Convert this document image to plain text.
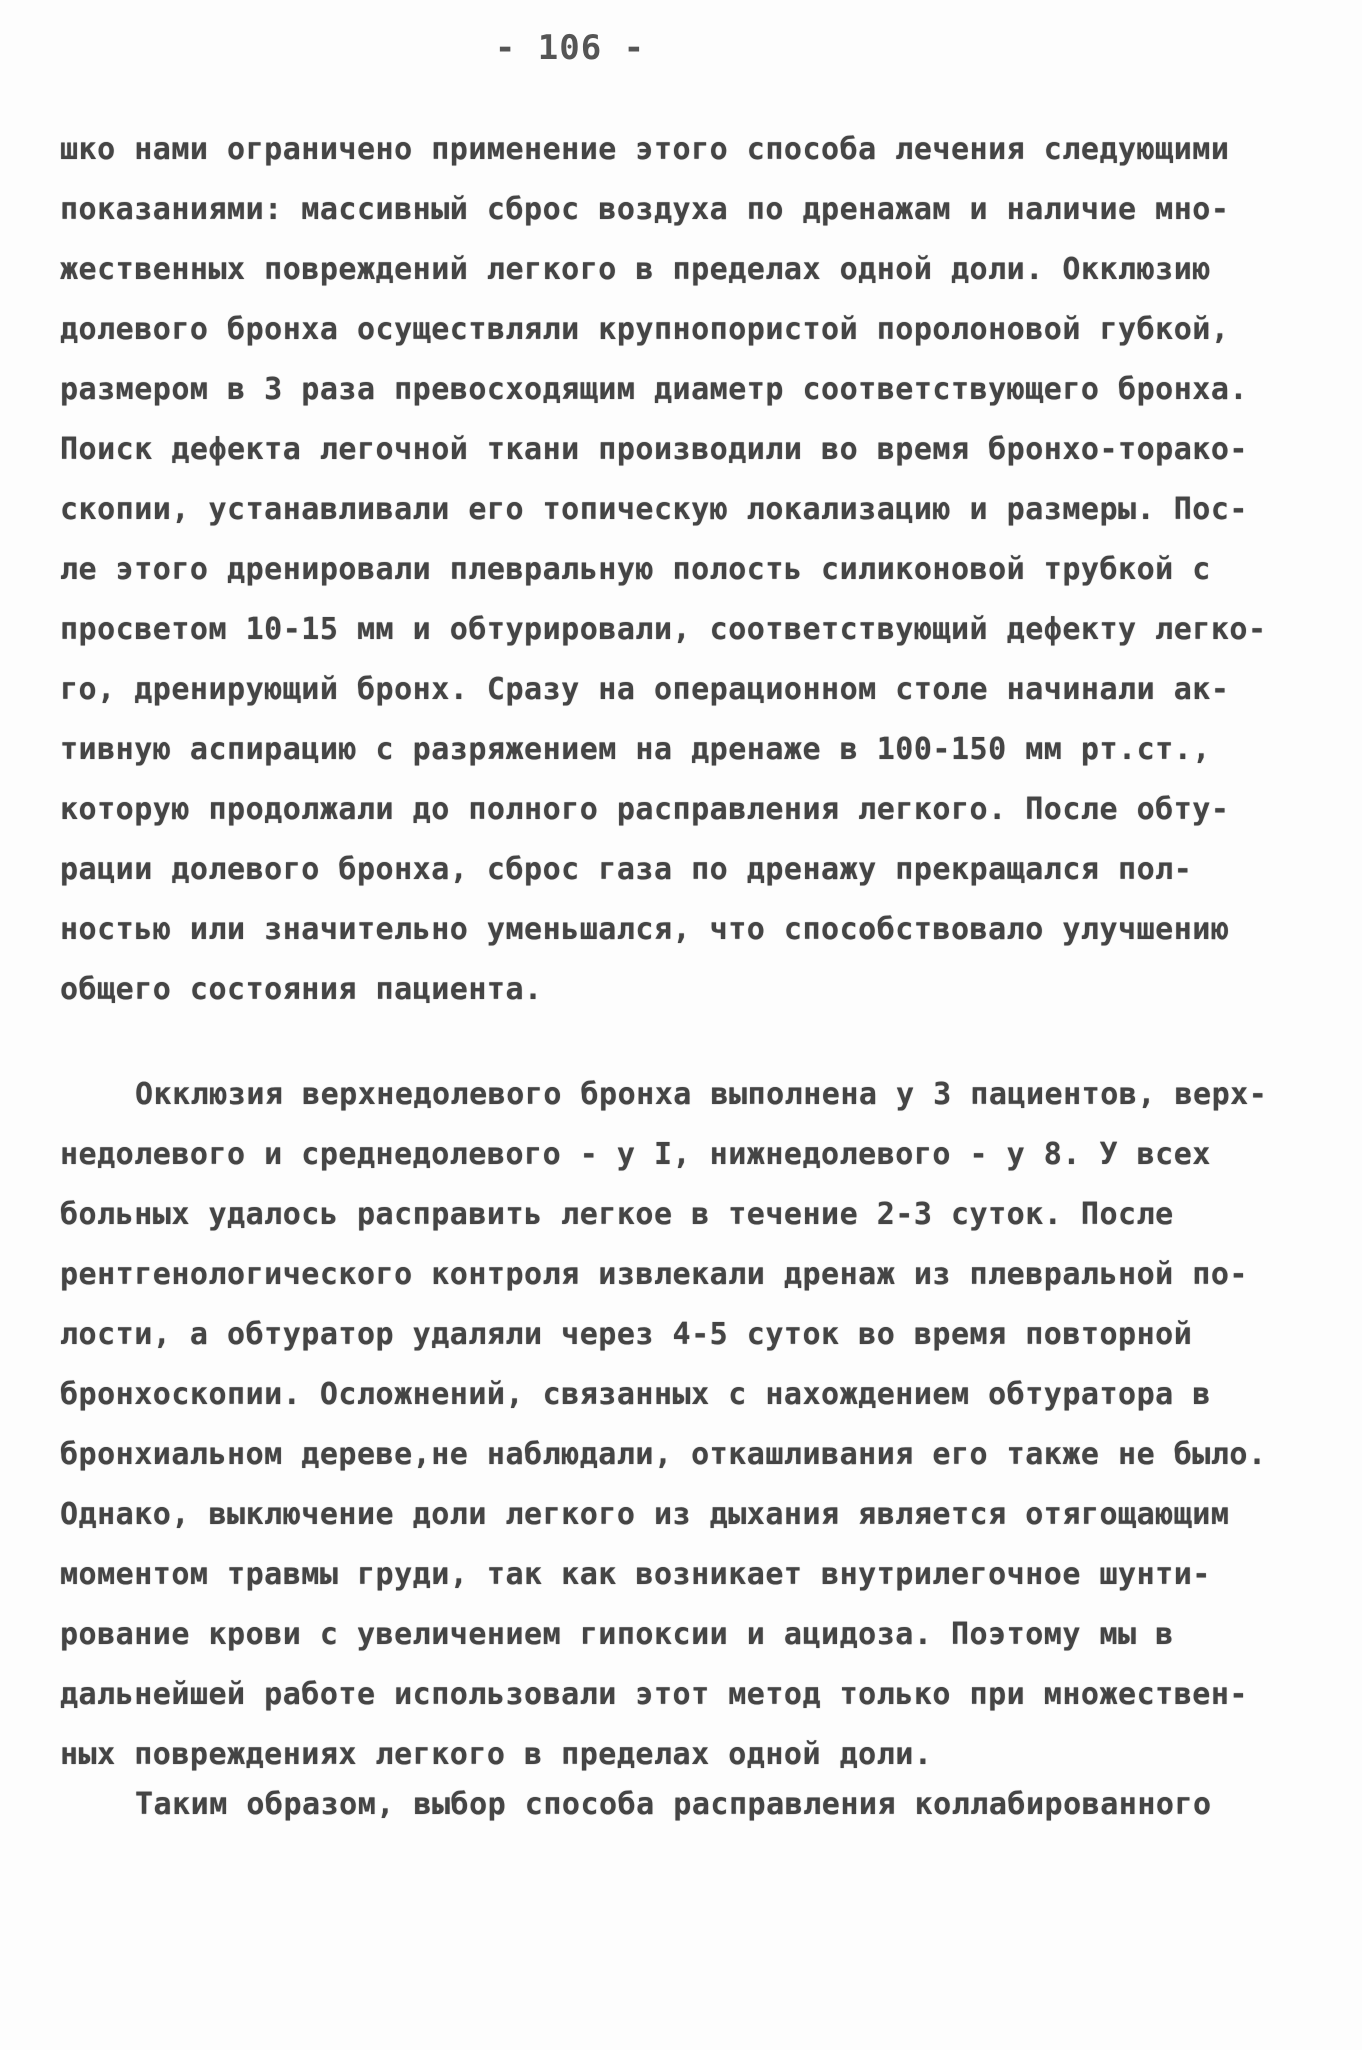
- 106 -
шко нами ограничено применение этого способа лечения следующими
показаниями: массивный сброс воздуха по дренажам и наличие мно-
жественных повреждений легкого в пределах одной доли. Окклюзию
долевого бронха осуществляли крупнопористой поролоновой губкой,
размером в 3 раза превосходящим диаметр соответствующего бронха.
Поиск дефекта легочной ткани производили во время бронхо-торако-
скопии, устанавливали его топическую локализацию и размеры. Пос-
ле этого дренировали плевральную полость силиконовой трубкой с
просветом 10-15 мм и обтурировали, соответствующий дефекту легко-
го, дренирующий бронх. Сразу на операционном столе начинали ак-
тивную аспирацию с разряжением на дренаже в 100-150 мм рт.ст.,
которую продолжали до полного расправления легкого. После обту-
рации долевого бронха, сброс газа по дренажу прекращался пол-
ностью или значительно уменьшался, что способствовало улучшению
общего состояния пациента.
Окклюзия верхнедолевого бронха выполнена у 3 пациентов, верх-
недолевого и среднедолевого - у I, нижнедолевого - у 8. У всех
больных удалось расправить легкое в течение 2-3 суток. После
рентгенологического контроля извлекали дренаж из плевральной по-
лости, а обтуратор удаляли через 4-5 суток во время повторной
бронхоскопии. Осложнений, связанных с нахождением обтуратора в
бронхиальном дереве,не наблюдали, откашливания его также не было.
Однако, выключение доли легкого из дыхания является отягощающим
моментом травмы груди, так как возникает внутрилегочное шунти-
рование крови с увеличением гипоксии и ацидоза. Поэтому мы в
дальнейшей работе использовали этот метод только при множествен-
ных повреждениях легкого в пределах одной доли.
Таким образом, выбор способа расправления коллабированного
